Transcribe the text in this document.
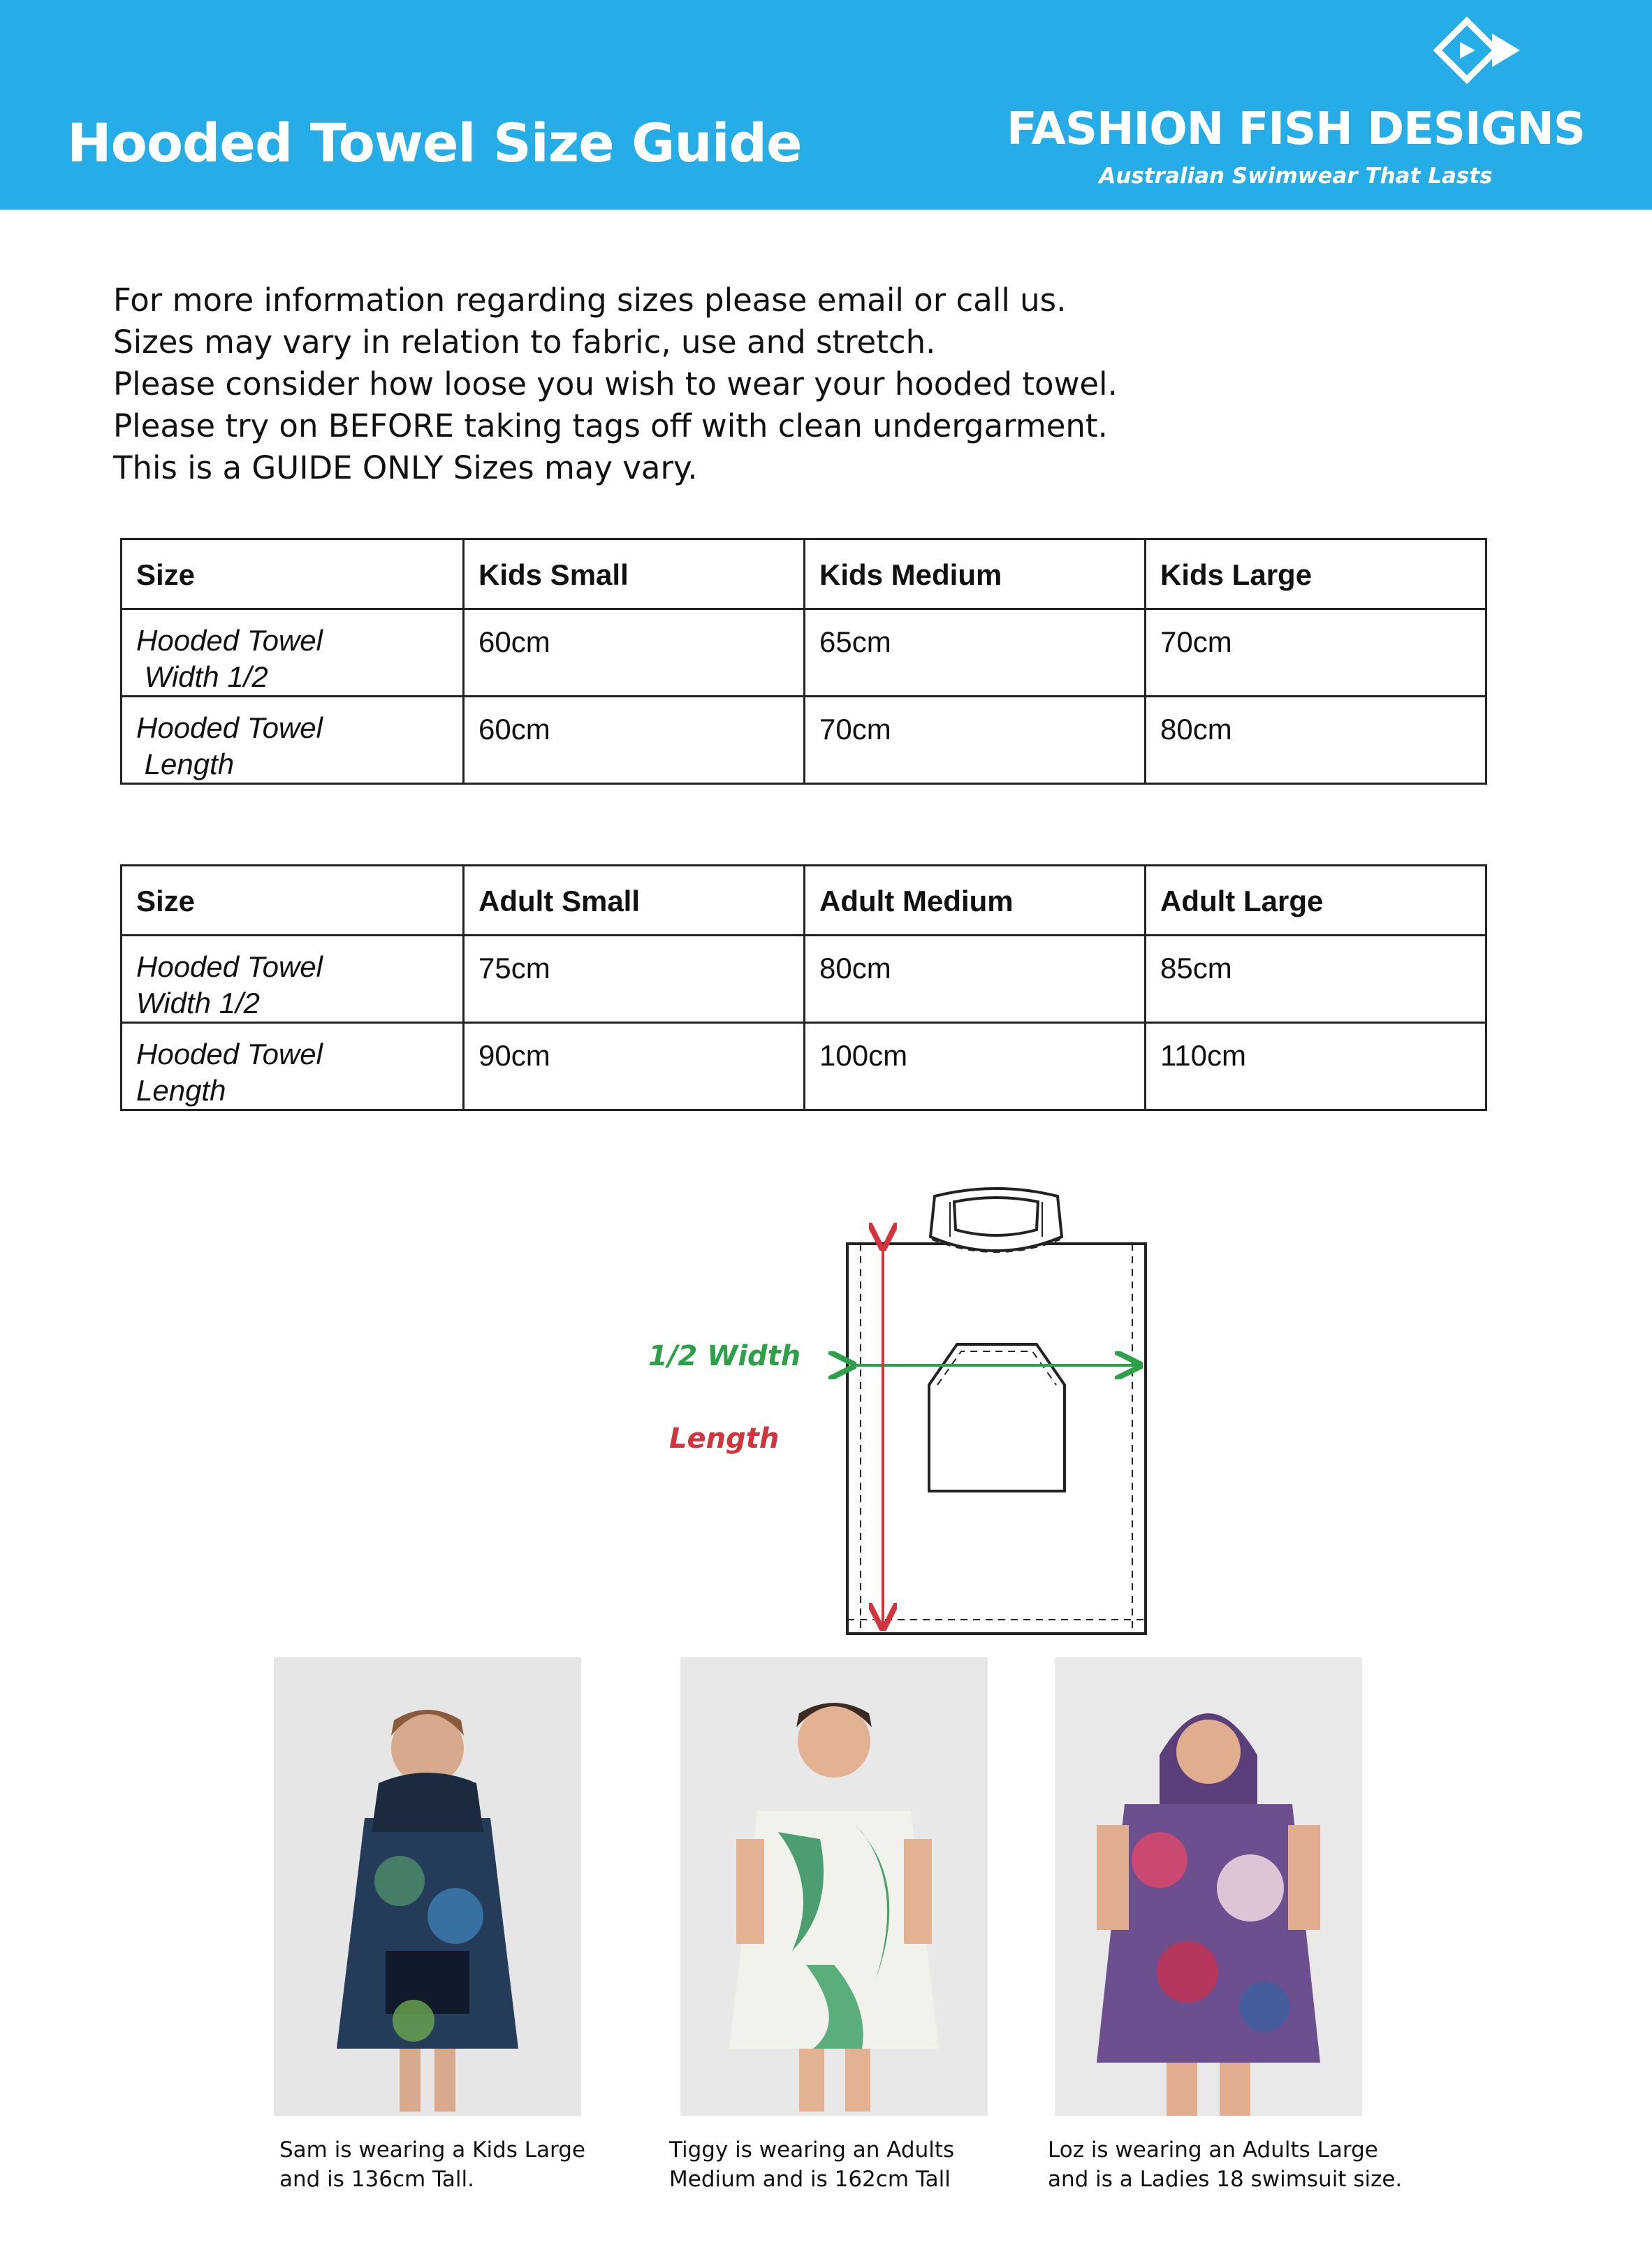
Hooded Towel Size Guide	FASHION FISH DESIGNS
Australian Swimwear That Lasts
For more information regarding sizes please email or call us.
Sizes may vary in relation to fabric, use and stretch.
Please consider how loose you wish to wear your hooded towel.
Please try on BEFORE taking tags off with clean undergarment.
This is a GUIDE ONLY Sizes may vary.
Size	Kids Small	Kids Medium	Kids Large

Hooded Towel
Width 1/2	60cm	65cm	70cm

Hooded Towel
Length	60cm	70cm	80cm
Size	Adult Small	Adult Medium	Adult Large

Hooded Towel
Width 1/2	75cm	80cm	85cm

Hooded Towel
Length	90cm	100cm	110cm
1/2 Width
Length
Sam is wearing a Kids Large
and is 136cm Tall.
Tiggy is wearing an Adults
Medium and is 162cm Tall
Loz is wearing an Adults Large
and is a Ladies 18 swimsuit size.
